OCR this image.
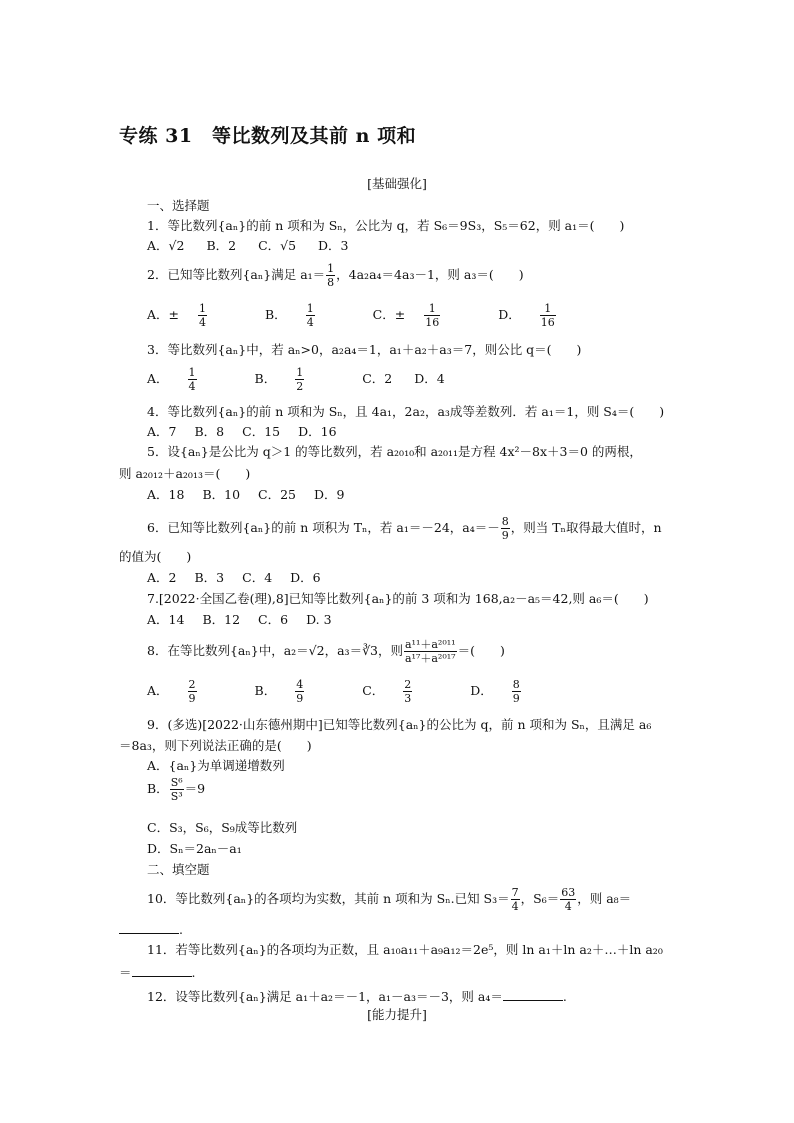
专练 31　等比数列及其前 n 项和
[基础强化]
一、选择题
1．等比数列{aₙ}的前 n 项和为 Sₙ，公比为 q，若 S₆＝9S₃，S₅＝62，则 a₁＝(　　)
A．√2 B．2 C．√5 D．3
2．已知等比数列{aₙ}满足 $a_1= \frac{1}{8}$ ，4a₂a₄＝4a₃－1，则 a₃＝(　　)
A．± $\frac{1}{4}$	B． $\frac{1}{4}$	C．± $\frac{1}{16}$	D． $\frac{1}{16}$
3．等比数列{aₙ}中，若 aₙ>0，a₂a₄＝1，a₁＋a₂＋a₃＝7，则公比 q＝(　　)
A． $\frac{1}{4}$	B． $\frac{1}{2}$	C．2 D．4
4．等比数列{aₙ}的前 n 项和为 Sₙ，且 4a₁，2a₂，a₃成等差数列．若 a₁＝1，则 S₄＝(　　)
A．7 B．8 C．15 D．16
5．设{aₙ}是公比为 q＞1 的等比数列，若 a₂₀₁₀和 a₂₀₁₁是方程 4x²－8x＋3＝0 的两根，
则 a₂₀₁₂＋a₂₀₁₃＝(　　)
A．18 B．10 C．25 D．9
6．已知等比数列{aₙ}的前 n 项积为 Tₙ，若 a₁＝－24，$a_4=- \frac{8}{9}$ ，则当 Tₙ取得最大值时，n
的值为(　　)
A．2 B．3 C．4 D．6
7.[2022·全国乙卷(理),8]已知等比数列{aₙ}的前 3 项和为 168,a₂－a₅＝42,则 a₆＝(　　)
A．14 B．12 C．6 D. 3
8．在等比数列{aₙ}中，a₂＝√2，a₃＝∛3，则 $\frac{\text{a¹¹＋a²⁰¹¹}}{\text{a¹⁷＋a²⁰¹⁷}}$ ＝(　　)
A． $\frac{2}{9}$	B． $\frac{4}{9}$	C． $\frac{2}{3}$	D． $\frac{8}{9}$
9．(多选)[2022·山东德州期中]已知等比数列{aₙ}的公比为 q，前 n 项和为 Sₙ，且满足 a₆
＝8a₃，则下列说法正确的是(　　)
A．{aₙ}为单调递增数列
B． $\frac{\text{S⁶}}{\text{S³}} =9$
C．S₃，S₆，S₉成等比数列
D．Sₙ＝2aₙ－a₁
二、填空题
10．等比数列{aₙ}的各项均为实数，其前 n 项和为 Sₙ.已知 $S_3= \frac{7}{4}$ ，$S_6= \frac{63}{4}$ ，则 a₈＝
.
11．若等比数列{aₙ}的各项均为正数，且 a₁₀a₁₁＋a₉a₁₂＝2e⁵，则 ln a₁＋ln a₂＋…＋ln a₂₀
＝	.
12．设等比数列{aₙ}满足 a₁＋a₂＝－1，a₁－a₃＝－3，则 a₄＝	.
[能力提升]
